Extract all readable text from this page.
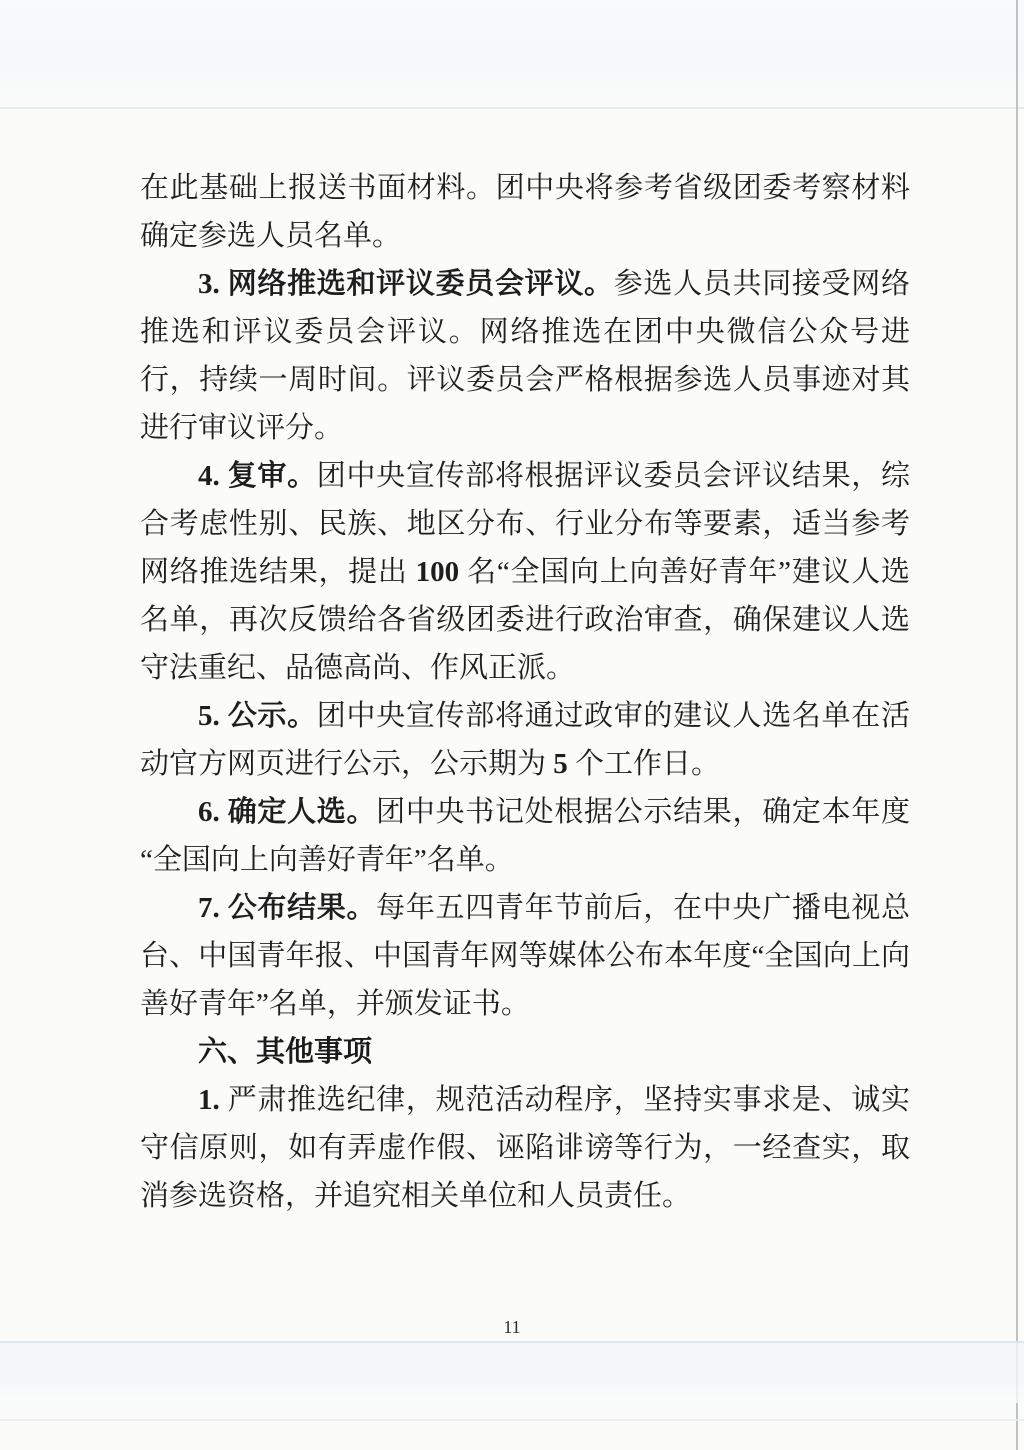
在此基础上报送书面材料。团中央将参考省级团委考察材料确定参选人员名单。

3. 网络推选和评议委员会评议。参选人员共同接受网络推选和评议委员会评议。网络推选在团中央微信公众号进行，持续一周时间。评议委员会严格根据参选人员事迹对其进行审议评分。

4. 复审。团中央宣传部将根据评议委员会评议结果，综合考虑性别、民族、地区分布、行业分布等要素，适当参考网络推选结果，提出 100 名“全国向上向善好青年”建议人选名单，再次反馈给各省级团委进行政治审查，确保建议人选守法重纪、品德高尚、作风正派。

5. 公示。团中央宣传部将通过政审的建议人选名单在活动官方网页进行公示，公示期为 5 个工作日。

6. 确定人选。团中央书记处根据公示结果，确定本年度“全国向上向善好青年”名单。

7. 公布结果。每年五四青年节前后，在中央广播电视总台、中国青年报、中国青年网等媒体公布本年度“全国向上向善好青年”名单，并颁发证书。

六、其他事项

1. 严肃推选纪律，规范活动程序，坚持实事求是、诚实守信原则，如有弄虚作假、诬陷诽谤等行为，一经查实，取消参选资格，并追究相关单位和人员责任。

11
